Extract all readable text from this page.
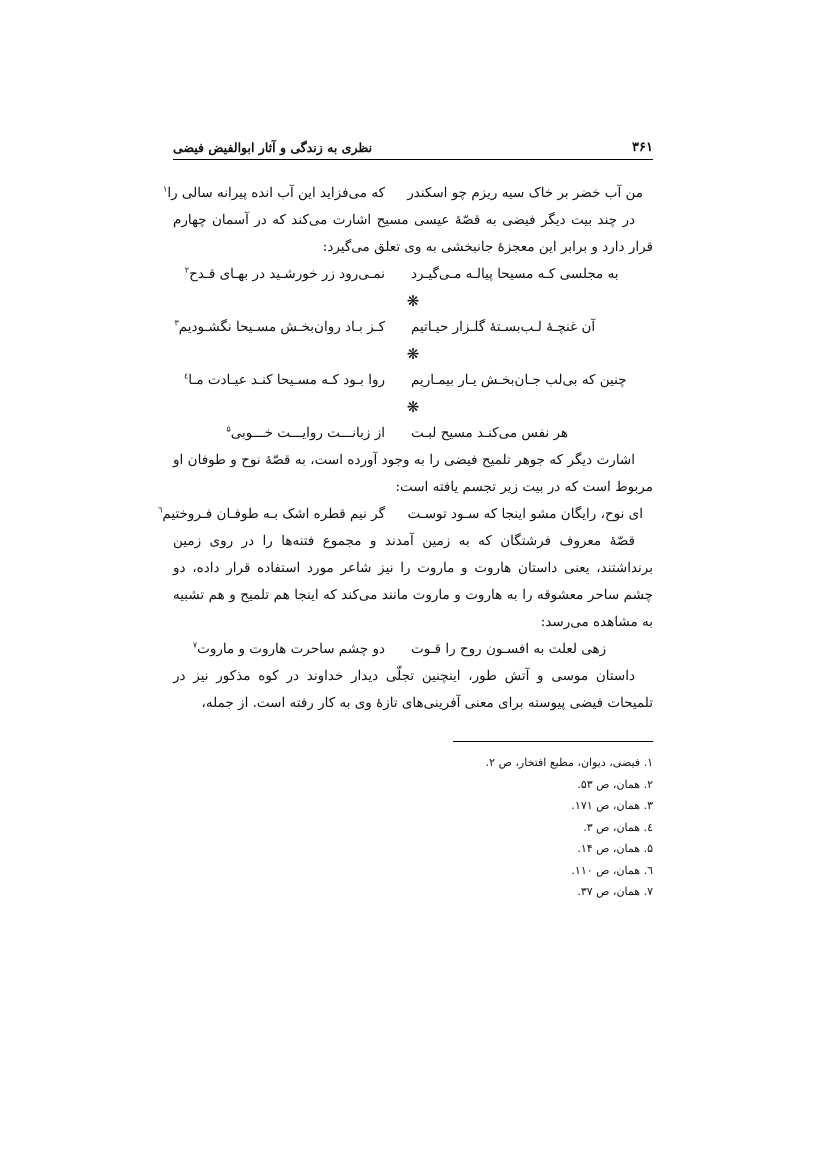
۳۶۱
نظری به زندگی و آثار ابوالفیض فیضی
من آب خضر بر خاک سیه ریزم چو اسکندر
که می‌فزاید این آب انده پیرانه سالی را$^۱$

در چند بیت دیگر فیضی به قصّهٔ عیسی مسیح اشارت می‌کند که در آسمان چهارم قرار دارد و برابر این معجزهٔ جانبخشی به وی تعلق می‌گیرد:

به مجلسی کـه مسیحا پیالـه مـی‌گیـرد
نمـی‌رود زر خورشـید در بهـای قـدح$^۲$
❋
آن غنچـهٔ لـب‌بسـتهٔ گلـزار حیـاتیم
کـز بـاد روان‌بخـش مسـیحا نگشـودیم$^۳$
❋
چنین که بی‌لب جـان‌بخـش یـار بیمـاریم
روا بـود کـه مسـیحا کنـد عیـادت مـا$^٤$
❋
هر نفس می‌کنـد مسیح لبـت
از زبانـــت روایـــت خـــوبی$^۵$

اشارت دیگر که جوهر تلمیح فیضی را به وجود آورده است، به قصّهٔ نوح و طوفان او مربوط است که در بیت زیر تجسم یافته است:

ای نوح، رایگان مشو اینجا که سـود توسـت
گر نیم قطره اشک بـه طوفـان فـروختیم$^٦$

قصّهٔ معروف فرشتگان که به زمین آمدند و مجموع فتنه‌ها را در روی زمین برنداشتند، یعنی داستان هاروت و ماروت را نیز شاعر مورد استفاده قرار داده، دو چشم ساحر معشوقه را به هاروت و ماروت مانند می‌کند که اینجا هم تلمیح و هم تشبیه به مشاهده می‌رسد:

زهی لعلت به افسـون روح را قـوت
دو چشم ساحرت هاروت و ماروت$^۷$

داستان موسی و آتش طور، اینچنین تجلّی دیدار خداوند در کوه مذکور نیز در تلمیحات فیضی پیوسته برای معنی آفرینی‌های تازهٔ وی به کار رفته است. از جمله،

۱. فیضی، دیوان، مطبع افتخار، ص ۲.
۲. همان، ص ۵۳.
۳. همان، ص ۱۷۱.
٤. همان، ص ۳.
۵. همان، ص ۱۴.
٦. همان، ص ۱۱۰.
۷. همان، ص ۳۷.
